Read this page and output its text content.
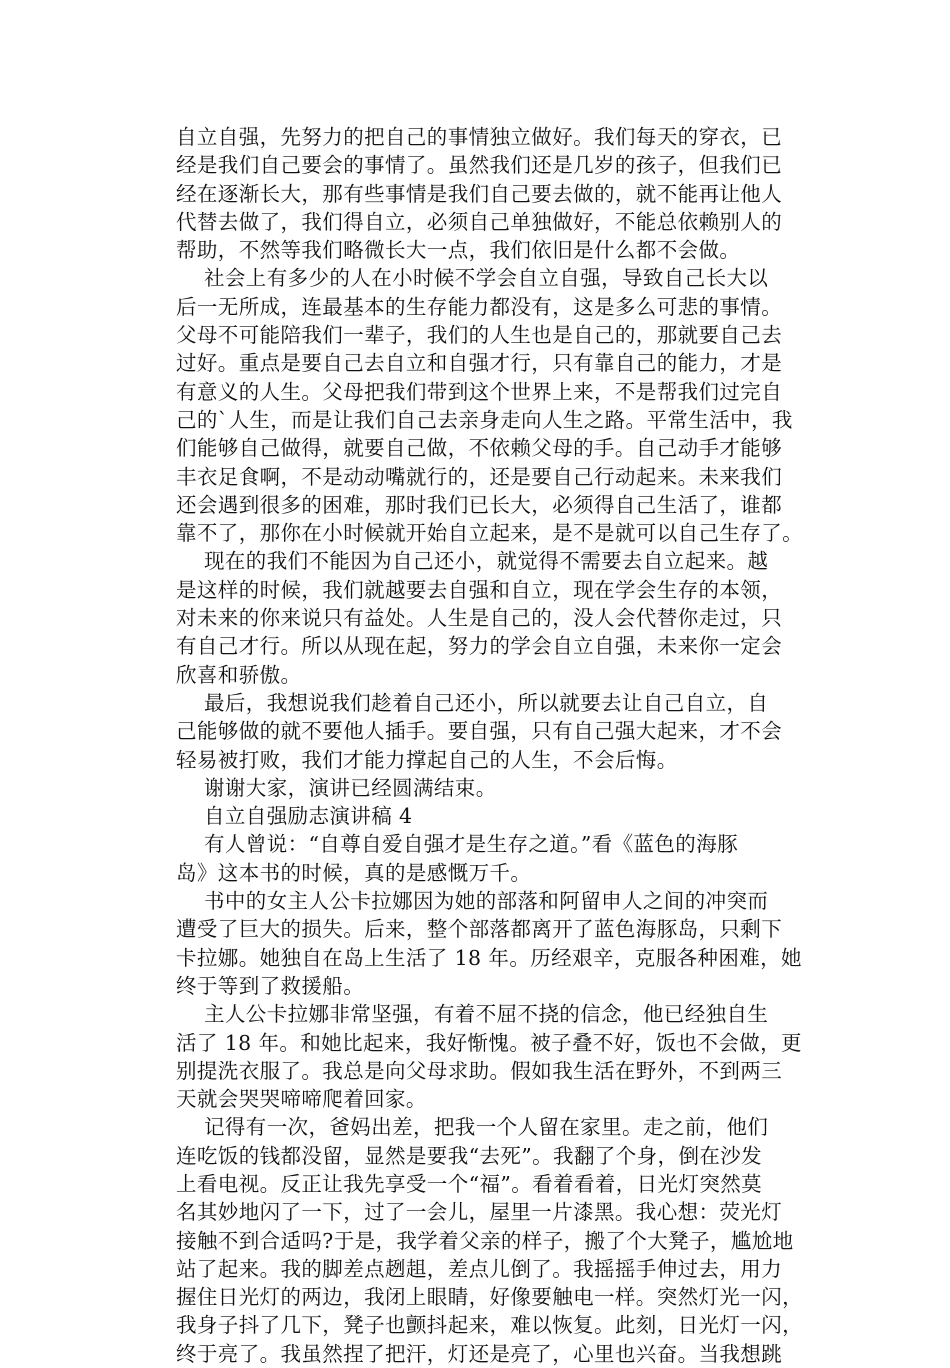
自立自强，先努力的把自己的事情独立做好。我们每天的穿衣，已
经是我们自己要会的事情了。虽然我们还是几岁的孩子，但我们已
经在逐渐长大，那有些事情是我们自己要去做的，就不能再让他人
代替去做了，我们得自立，必须自己单独做好，不能总依赖别人的
帮助，不然等我们略微长大一点，我们依旧是什么都不会做。
社会上有多少的人在小时候不学会自立自强，导致自己长大以
后一无所成，连最基本的生存能力都没有，这是多么可悲的事情。
父母不可能陪我们一辈子，我们的人生也是自己的，那就要自己去
过好。重点是要自己去自立和自强才行，只有靠自己的能力，才是
有意义的人生。父母把我们带到这个世界上来，不是帮我们过完自
己的`人生，而是让我们自己去亲身走向人生之路。平常生活中，我
们能够自己做得，就要自己做，不依赖父母的手。自己动手才能够
丰衣足食啊，不是动动嘴就行的，还是要自己行动起来。未来我们
还会遇到很多的困难，那时我们已长大，必须得自己生活了，谁都
靠不了，那你在小时候就开始自立起来，是不是就可以自己生存了。
现在的我们不能因为自己还小，就觉得不需要去自立起来。越
是这样的时候，我们就越要去自强和自立，现在学会生存的本领，
对未来的你来说只有益处。人生是自己的，没人会代替你走过，只
有自己才行。所以从现在起，努力的学会自立自强，未来你一定会
欣喜和骄傲。
最后，我想说我们趁着自己还小，所以就要去让自己自立，自
己能够做的就不要他人插手。要自强，只有自己强大起来，才不会
轻易被打败，我们才能力撑起自己的人生，不会后悔。
谢谢大家，演讲已经圆满结束。
自立自强励志演讲稿 4
有人曾说：“自尊自爱自强才是生存之道。”看《蓝色的海豚
岛》这本书的时候，真的是感慨万千。
书中的女主人公卡拉娜因为她的部落和阿留申人之间的冲突而
遭受了巨大的损失。后来，整个部落都离开了蓝色海豚岛，只剩下
卡拉娜。她独自在岛上生活了 18 年。历经艰辛，克服各种困难，她
终于等到了救援船。
主人公卡拉娜非常坚强，有着不屈不挠的信念，他已经独自生
活了 18 年。和她比起来，我好惭愧。被子叠不好，饭也不会做，更
别提洗衣服了。我总是向父母求助。假如我生活在野外，不到两三
天就会哭哭啼啼爬着回家。
记得有一次，爸妈出差，把我一个人留在家里。走之前，他们
连吃饭的钱都没留，显然是要我“去死”。我翻了个身，倒在沙发
上看电视。反正让我先享受一个“福”。看着看着，日光灯突然莫
名其妙地闪了一下，过了一会儿，屋里一片漆黑。我心想：荧光灯
接触不到合适吗?于是，我学着父亲的样子，搬了个大凳子，尴尬地
站了起来。我的脚差点趔趄，差点儿倒了。我摇摇手伸过去，用力
握住日光灯的两边，我闭上眼睛，好像要触电一样。突然灯光一闪，
我身子抖了几下，凳子也颤抖起来，难以恢复。此刻，日光灯一闪，
终于亮了。我虽然捏了把汗，灯还是亮了，心里也兴奋。当我想跳
